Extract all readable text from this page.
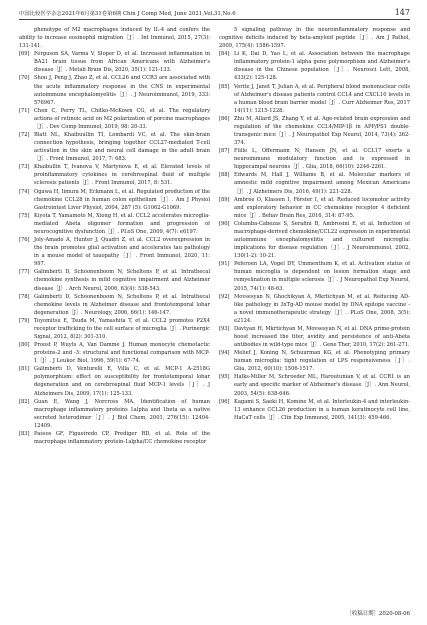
中国比较医学杂志2021年6月第31卷第6期 Chin J Comp Med, June 2021,Vol.31,No.6	147
phenotype of M2 macrophages induced by IL-4 and confers the ability to increase eosinophil migration［J］. Int Immunol, 2015, 27(3): 131-141.
[69] Ferguson SA, Varma V, Sloper D, et al. Increased inflammation in BA21 brain tissue from African Americans with Alzheimer's disease［J］. Metab Brain Dis, 2020, 35(1): 121-133.
[70] Shou J, Peng J, Zhao Z, et al. CCL26 and CCR3 are associated with the acute inflammatory response in the CNS in experimental autoimmune encephalomyelitis［J］. J Neuroimmunol, 2019, 333: 576967.
[71] Chen C, Perry TL, Chitko-McKown CG, et al. The regulatory actions of retinoic acid on M2 polarization of porcine macrophages［J］. Dev Comp Immunol, 2019, 98: 20-33.
[72] Blatt NL, Khaibuullin TI, Lombardi VC, et al. The skin-brain connection hypothesis, bringing together CCL27-mediated T-cell activation in the skin and neural cell damage in the adult brain［J］. Front Immunol, 2017, 7: 683.
[73] Khaibullin T, Ivanova V, Martynova E, et al. Elevated levels of proinflammatory cytokines in cerebrospinal fluid of multiple sclerosis patients［J］. Front Immunol, 2017, 8: 531.
[74] Ogawa H, Iimura M, Eckmann L, et al. Regulated production of the chemokine CCL28 in human colon epithelium［J］. Am J Physiol Gastrointest Liver Physiol, 2004, 287 (5): G1062-G1069.
[75] Kiyota T, Yamamoto M, Xiong H, et al. CCL2 accelerates microglia-mediated Abeta oligomer formation and progression of neurocognitive dysfunction［J］. PLoS One, 2009, 4(7): e6197.
[76] Joly-Amado A, Hunter J, Quadri Z, et al. CCL2 overexpression in the brain promotes glial activation and accelerates tau pathology in a mouse model of tauopathy［J］. Front Immunol, 2020, 11: 997.
[77] Galimberti D, Schoonenboom N, Scheltens P, et al. Intrathecal chemokine synthesis in mild cognitive impairment and Alzheimer disease［J］. Arch Neurol, 2006, 63(4): 538-543.
[78] Galimberti D, Schoonenboom N, Scheltens P, et al. Intrathecal chemokine levels in Alzheimer disease and frontotemporal lobar degeneration［J］. Neurology, 2006, 66(1): 146-147.
[79] Toyomitsu E, Tsuda M, Yamashita T, et al. CCL2 promotes P2X4 receptor trafficking to the cell surface of microglia［J］. Purinergic Signal, 2012, 8(2): 301-310.
[80] Proost P, Wuyts A, Van Damme J. Human monocyte chemotactic proteins-2 and -3: structural and functional comparison with MCP-1［J］. J Leukoc Biol, 1996, 59(1): 67-74.
[81] Galimberti D, Venturelli E, Villa C, et al. MCP-1 A-2518G polymorphism: effect on susceptibility for frontotemporal lobar degeneration and on cerebrospinal fluid MCP-1 levels［J］. J Alzheimers Dis, 2009, 17(1): 125-133.
[82] Guan E, Wang J, Norcross MA. Identification of human macrophage inflammatory proteins 1alpha and 1beta as a native secreted heterodimer［J］. J Biol Chem, 2001, 276(15): 12404-12409.
[83] Passos GF, Figueiredo CP, Prediger RD, et al. Role of the macrophage inflammatory protein-1alpha/CC chemokine receptor
5 signaling pathway in the neuroinflammatory response and cognitive deficits induced by beta-amyloid peptide［J］. Am J Pathol, 2009, 175(4): 1586-1597.
[84] Li K, Dai D, Yao L, et al. Association between the macrophage inflammatory protein-1 alpha gene polymorphism and Alzheimer's disease in the Chinese population［J］. Neurosci Lett, 2008, 433(2): 125-128.
[85] Verite J, Janet T, Julian A, et al. Peripheral blood mononuclear cells of Alzheimer's disease patients control CCL4 and CXCL10 levels in a human blood brain barrier model［J］. Curr Alzheimer Res, 2017 14(11): 1215-1228.
[86] Zhu M, Allard JS, Zhang Y, et al. Age-related brain expression and regulation of the chemokine CCL4/MIP-1β in APP/PS1 double-transgenic mice［J］. J Neuropathol Exp Neurol, 2014, 73(4): 362-374.
[87] Fülle L, Offermann N, Hansen JN, et al. CCL17 exerts a neuroimmune modulatory function and is expressed in hippocampal neurons［J］. Glia, 2018, 66(10): 2246-2261.
[88] Edwards M, Hall J, Williams B, et al. Molecular markers of amnestic mild cognitive impairment among Mexican Americans［J］. J Alzheimers Dis, 2016, 49(1): 221-228.
[89] Ambrée O, Klassen I, Förster I, et al. Reduced locomotor activity and exploratory behavior in CC chemokine receptor 4 deficient mice［J］. Behav Brain Res, 2016, 314: 87-95.
[90] Columba-Cabezas S, Serafini B, Ambrosini E, et al. Induction of macrophage-derived chemokine/CCL22 expression in experimental autoimmune encephalomyelitis and cultured microglia: implications for disease regulation［J］. J Neuroimmunol, 2002, 130(1-2): 10-21.
[91] Peferoen LA, Vogel DY, Ummenthum K, et al. Activation status of human microglia is dependent on lesion formation stage and remyelination in multiple sclerosis［J］. J Neuropathol Exp Neurol, 2015, 74(1): 48-63.
[92] Movsesyan N, Ghochikyan A, Mkrtichyan M, et al. Reducing AD-like pathology in 3xTg-AD mouse model by DNA epitope vaccine - a novel immunotherapeutic strategy［J］. PLoS One, 2008, 3(5): e2124.
[93] Davtyan H, Mkrtichyan M, Movsesyan N, et al. DNA prime-protein boost increased the titer, avidity and persistence of anti-Abeta antibodies in wild-type mice［J］. Gene Ther, 2010, 17(2): 261-271.
[94] Melief J, Koning N, Schuurman KG, et al. Phenotyping primary human microglia: tight regulation of LPS responsiveness［J］. Glia, 2012, 60(10): 1506-1517.
[95] Halks-Miller M, Schroeder ML, Haroutunian V, et al. CCR1 is an early and specific marker of Alzheimer's disease［J］. Ann Neurol, 2003, 54(5): 638-646.
[96] Kagami S, Saeki H, Komine M, et al. Interleukin-4 and interleukin-13 enhance CCL26 production in a human keratinocyte cell line, HaCaT cells［J］. Clin Exp Immunol, 2005, 141(3): 459-466.
［收稿日期］2020-08-06
